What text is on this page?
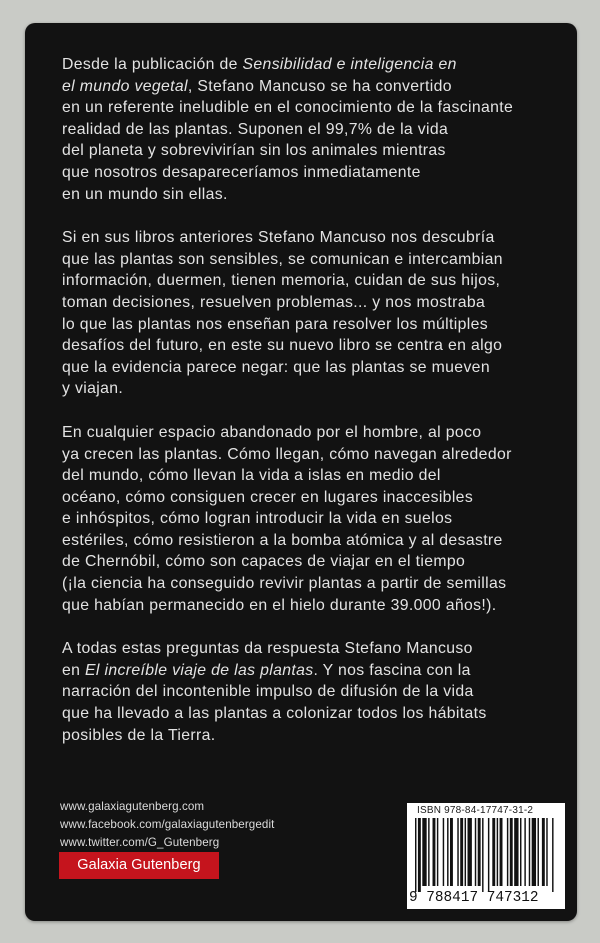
Desde la publicación de Sensibilidad e inteligencia en
el mundo vegetal, Stefano Mancuso se ha convertido
en un referente ineludible en el conocimiento de la fascinante
realidad de las plantas. Suponen el 99,7% de la vida
del planeta y sobrevivirían sin los animales mientras
que nosotros desapareceríamos inmediatamente
en un mundo sin ellas.

Si en sus libros anteriores Stefano Mancuso nos descubría
que las plantas son sensibles, se comunican e intercambian
información, duermen, tienen memoria, cuidan de sus hijos,
toman decisiones, resuelven problemas... y nos mostraba
lo que las plantas nos enseñan para resolver los múltiples
desafíos del futuro, en este su nuevo libro se centra en algo
que la evidencia parece negar: que las plantas se mueven
y viajan.

En cualquier espacio abandonado por el hombre, al poco
ya crecen las plantas. Cómo llegan, cómo navegan alrededor
del mundo, cómo llevan la vida a islas en medio del
océano, cómo consiguen crecer en lugares inaccesibles
e inhóspitos, cómo logran introducir la vida en suelos
estériles, cómo resistieron a la bomba atómica y al desastre
de Chernóbil, cómo son capaces de viajar en el tiempo
(¡la ciencia ha conseguido revivir plantas a partir de semillas
que habían permanecido en el hielo durante 39.000 años!).

A todas estas preguntas da respuesta Stefano Mancuso
en El increíble viaje de las plantas. Y nos fascina con la
narración del incontenible impulso de difusión de la vida
que ha llevado a las plantas a colonizar todos los hábitats
posibles de la Tierra.

www.galaxiagutenberg.com
www.facebook.com/galaxiagutenbergedit
www.twitter.com/G_Gutenberg
Galaxia Gutenberg
ISBN 978-84-17747-31-2
9 788417 747312
